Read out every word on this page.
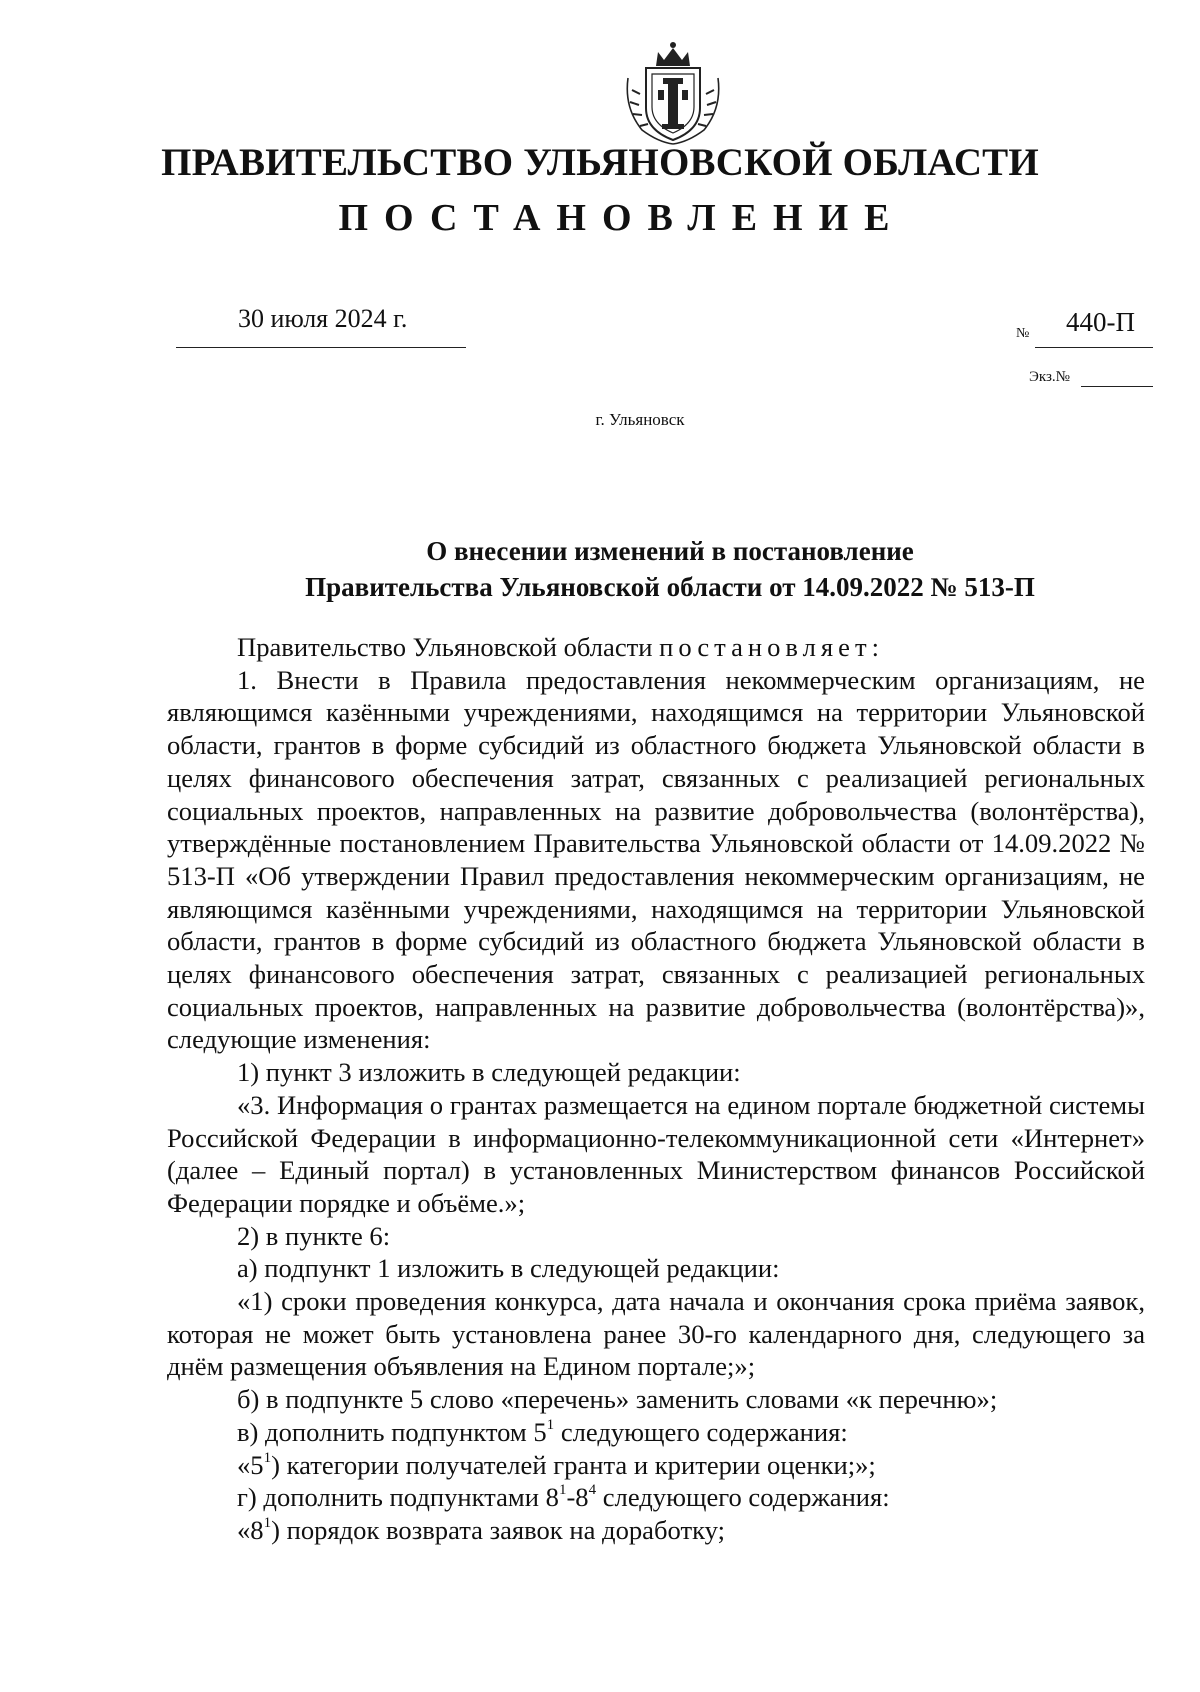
ПРАВИТЕЛЬСТВО УЛЬЯНОВСКОЙ ОБЛАСТИ
ПОСТАНОВЛЕНИЕ
30 июля 2024 г.
№ 440-П
Экз.№
г. Ульяновск
О внесении изменений в постановление
Правительства Ульяновской области от 14.09.2022 № 513-П

Правительство Ульяновской области постановляет:

1. Внести в Правила предоставления некоммерческим организациям, не являющимся казёнными учреждениями, находящимся на территории Ульяновской области, грантов в форме субсидий из областного бюджета Ульяновской области в целях финансового обеспечения затрат, связанных с реализацией региональных социальных проектов, направленных на развитие добровольчества (волонтёрства), утверждённые постановлением Правительства Ульяновской области от 14.09.2022 № 513-П «Об утверждении Правил предоставления некоммерческим организациям, не являющимся казёнными учреждениями, находящимся на территории Ульяновской области, грантов в форме субсидий из областного бюджета Ульяновской области в целях финансового обеспечения затрат, связанных с реализацией региональных социальных проектов, направленных на развитие добровольчества (волонтёрства)», следующие изменения:

1) пункт 3 изложить в следующей редакции:

«3. Информация о грантах размещается на едином портале бюджетной системы Российской Федерации в информационно-телекоммуникационной сети «Интернет» (далее – Единый портал) в установленных Министерством финансов Российской Федерации порядке и объёме.»;

2) в пункте 6:

а) подпункт 1 изложить в следующей редакции:

«1) сроки проведения конкурса, дата начала и окончания срока приёма заявок, которая не может быть установлена ранее 30-го календарного дня, следующего за днём размещения объявления на Едином портале;»;

б) в подпункте 5 слово «перечень» заменить словами «к перечню»;

в) дополнить подпунктом $5^1$ следующего содержания:

«$5^1$) категории получателей гранта и критерии оценки;»;

г) дополнить подпунктами $8^1-8^4$ следующего содержания:

«$8^1$) порядок возврата заявок на доработку;
